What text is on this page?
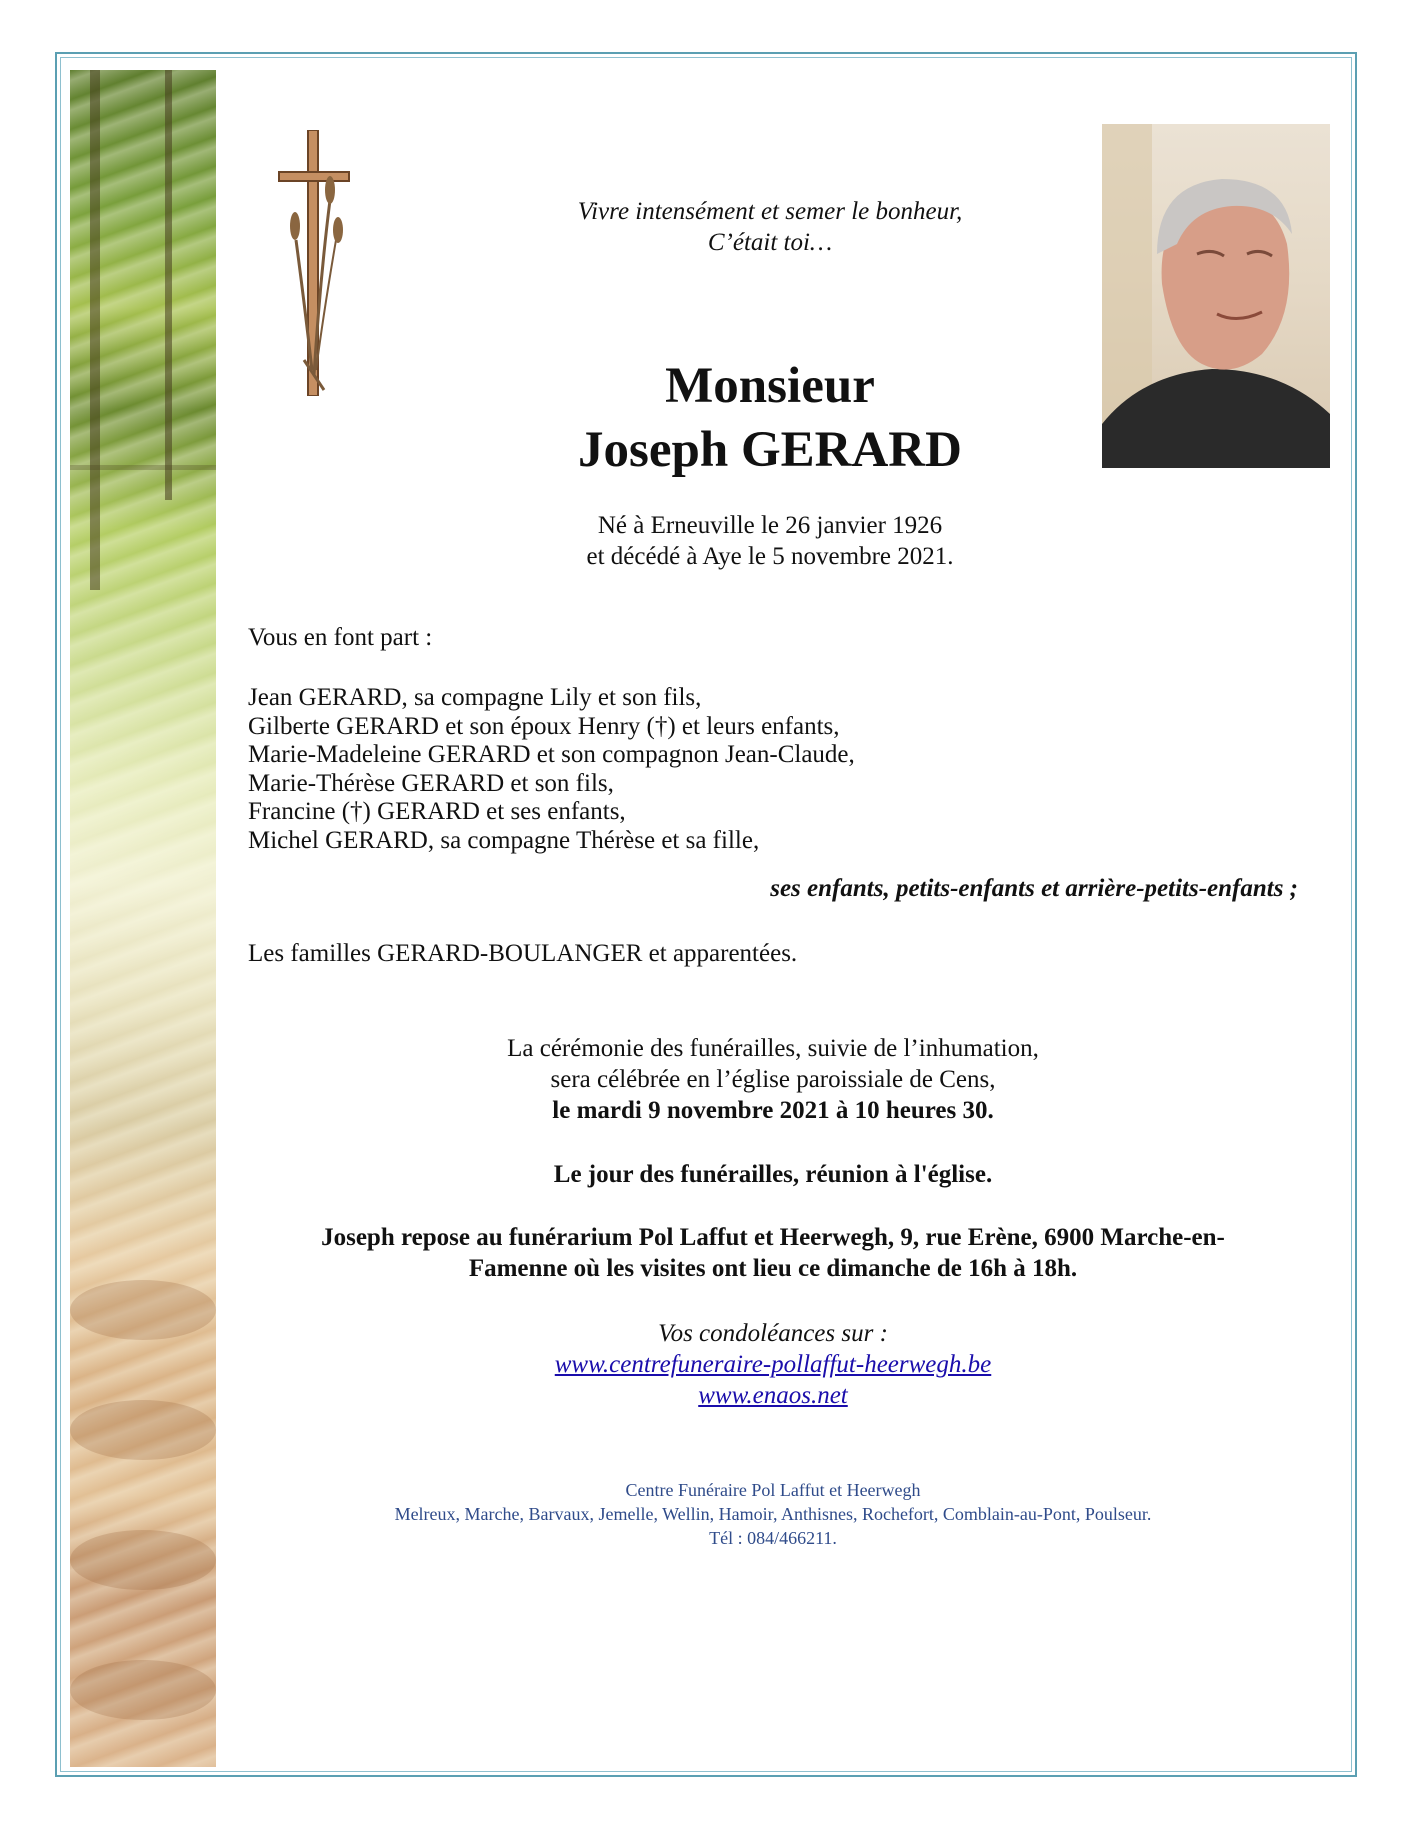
Vivre intensément et semer le bonheur,
C’était toi…
Monsieur
Joseph GERARD
Né à Erneuville le 26 janvier 1926
et décédé à Aye le 5 novembre 2021.
Vous en font part :
Jean GERARD, sa compagne Lily et son fils,
Gilberte GERARD et son époux Henry (†) et leurs enfants,
Marie-Madeleine GERARD et son compagnon Jean-Claude,
Marie-Thérèse GERARD et son fils,
Francine (†) GERARD et ses enfants,
Michel GERARD, sa compagne Thérèse et sa fille,
ses enfants, petits-enfants et arrière-petits-enfants ;
Les familles GERARD-BOULANGER et apparentées.
La cérémonie des funérailles, suivie de l’inhumation,
sera célébrée en l’église paroissiale de Cens,
le mardi 9 novembre 2021 à 10 heures 30.
Le jour des funérailles, réunion à l'église.
Joseph repose au funérarium Pol Laffut et Heerwegh, 9, rue Erène, 6900 Marche-en-
Famenne où les visites ont lieu ce dimanche de 16h à 18h.
Vos condoléances sur :
www.centrefuneraire-pollaffut-heerwegh.be
www.enaos.net
Centre Funéraire Pol Laffut et Heerwegh
Melreux, Marche, Barvaux, Jemelle, Wellin, Hamoir, Anthisnes, Rochefort, Comblain-au-Pont, Poulseur.
Tél : 084/466211.
